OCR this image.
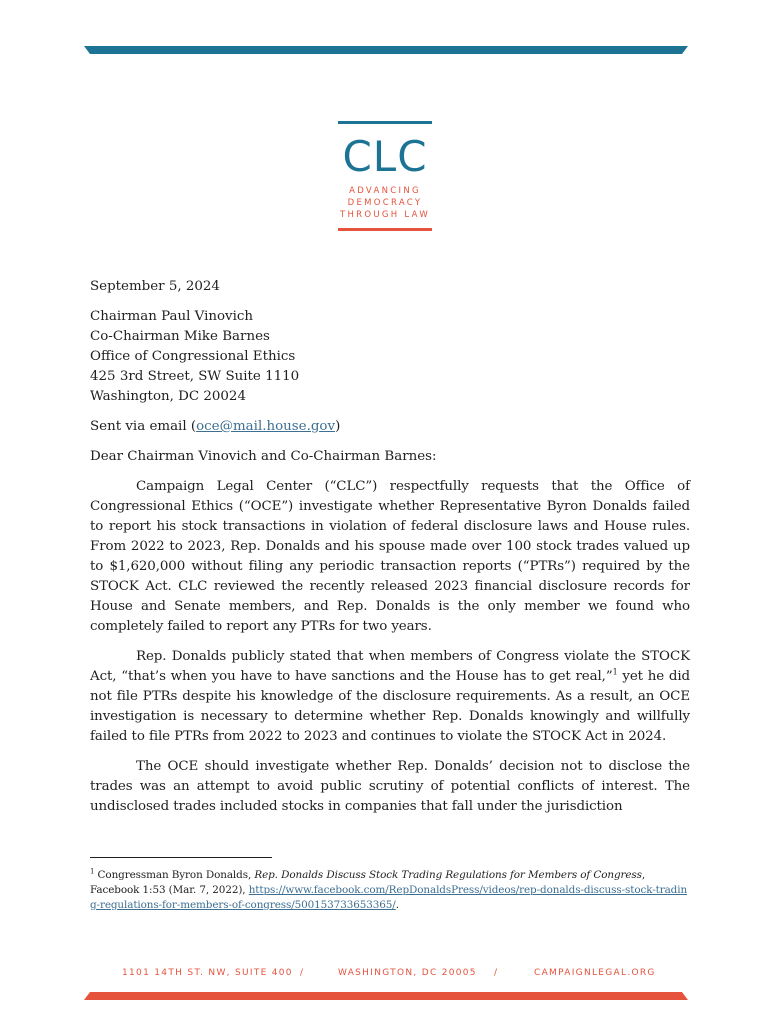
CLC
ADVANCING
DEMOCRACY
THROUGH LAW

September 5, 2024

Chairman Paul Vinovich
Co-Chairman Mike Barnes
Office of Congressional Ethics
425 3rd Street, SW Suite 1110
Washington, DC 20024

Sent via email (oce@mail.house.gov)

Dear Chairman Vinovich and Co-Chairman Barnes:

Campaign Legal Center (“CLC”) respectfully requests that the Office of Congressional Ethics (“OCE”) investigate whether Representative Byron Donalds failed to report his stock transactions in violation of federal disclosure laws and House rules. From 2022 to 2023, Rep. Donalds and his spouse made over 100 stock trades valued up to $1,620,000 without filing any periodic transaction reports (“PTRs”) required by the STOCK Act. CLC reviewed the recently released 2023 financial disclosure records for House and Senate members, and Rep. Donalds is the only member we found who completely failed to report any PTRs for two years.

Rep. Donalds publicly stated that when members of Congress violate the STOCK Act, “that’s when you have to have sanctions and the House has to get real,”$^1$ yet he did not file PTRs despite his knowledge of the disclosure requirements. As a result, an OCE investigation is necessary to determine whether Rep. Donalds knowingly and willfully failed to file PTRs from 2022 to 2023 and continues to violate the STOCK Act in 2024.

The OCE should investigate whether Rep. Donalds’ decision not to disclose the trades was an attempt to avoid public scrutiny of potential conflicts of interest. The undisclosed trades included stocks in companies that fall under the jurisdiction

$^1$ Congressman Byron Donalds, Rep. Donalds Discuss Stock Trading Regulations for Members of Congress, Facebook 1:53 (Mar. 7, 2022), https://www.facebook.com/RepDonaldsPress/videos/rep-donalds-discuss-stock-trading-regulations-for-members-of-congress/500153733653365/.
1101 14TH ST. NW, SUITE 400 /	WASHINGTON, DC 20005 /	CAMPAIGNLEGAL.ORG
